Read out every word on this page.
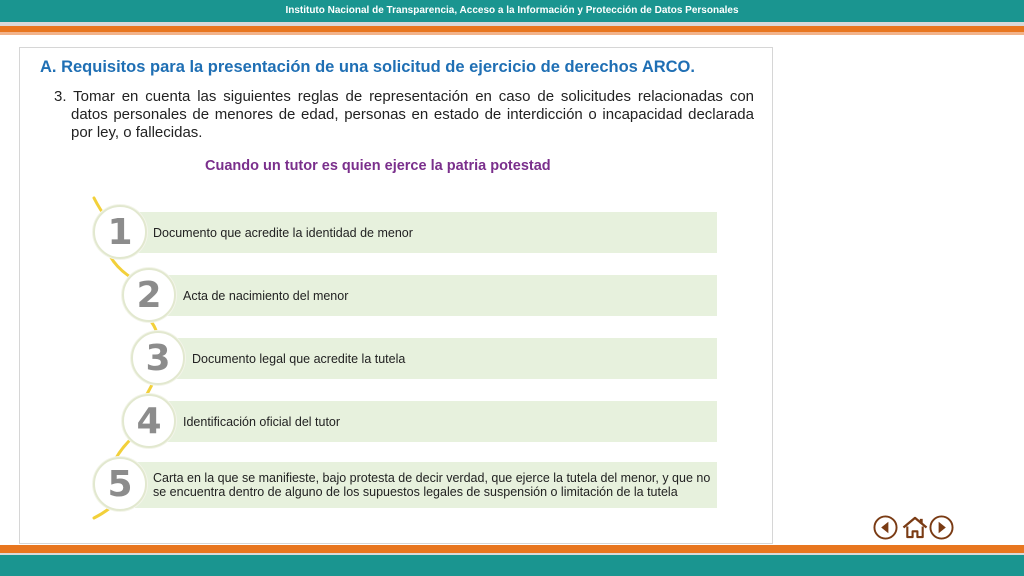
Instituto Nacional de Transparencia, Acceso a la Información y Protección de Datos Personales
A. Requisitos para la presentación de una solicitud de ejercicio de derechos ARCO.

3. Tomar en cuenta las siguientes reglas de representación en caso de solicitudes relacionadas con datos personales de menores de edad, personas en estado de interdicción o incapacidad declarada por ley, o fallecidas.

Cuando un tutor es quien ejerce la patria potestad
Documento que acredite la identidad de menor
Acta de nacimiento del menor
Documento legal que acredite la tutela
Identificación oficial del tutor
Carta en la que se manifieste, bajo protesta de decir verdad, que ejerce la tutela del menor, y que no se encuentra dentro de alguno de los supuestos legales de suspensión o limitación de la tutela
1
2
3
4
5
